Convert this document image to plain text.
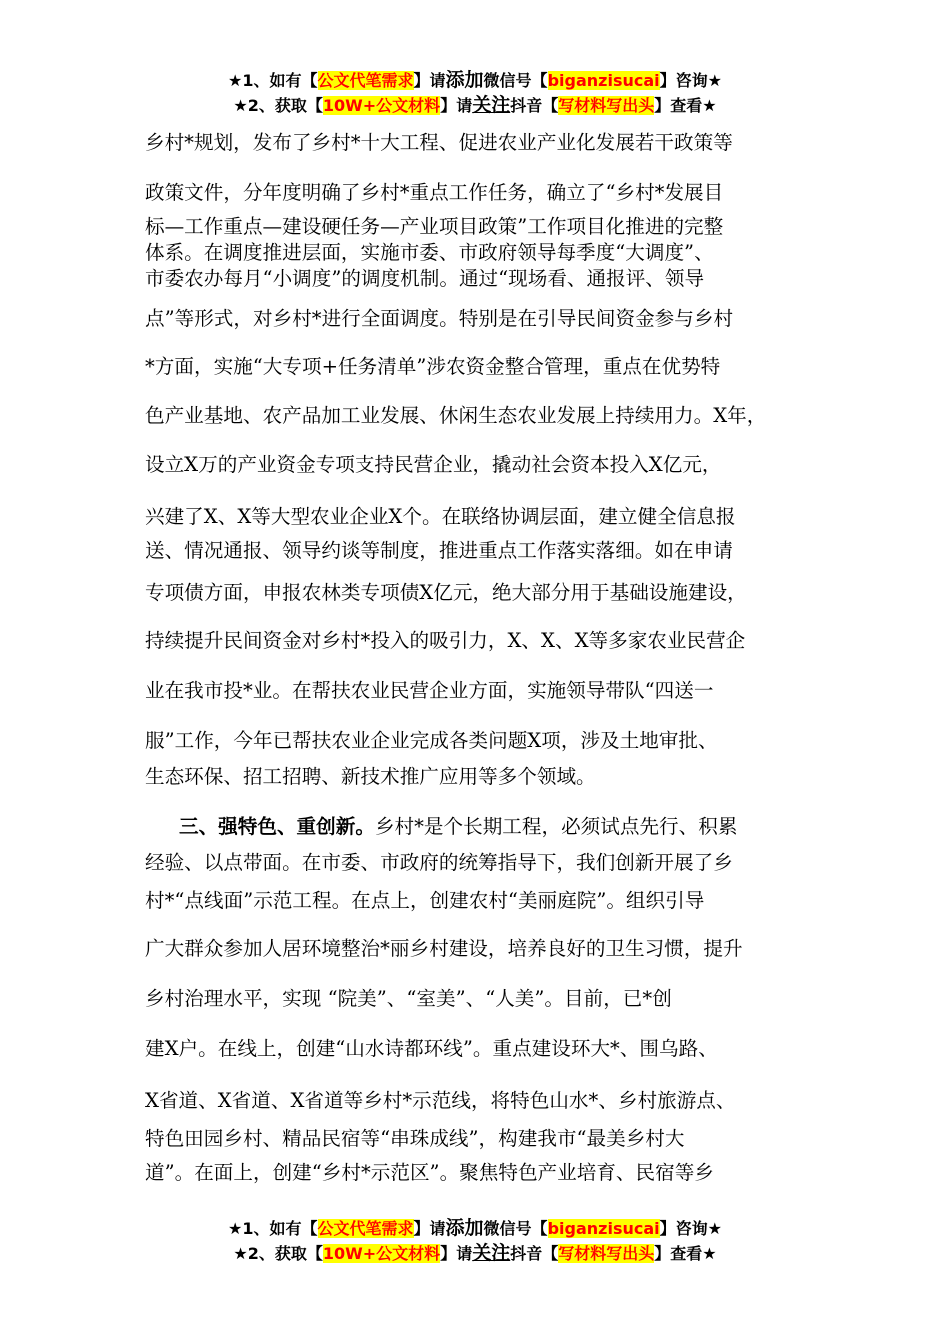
★1、如有【公文代笔需求】请添加微信号【biganzisucai】咨询★
★2、获取【10W+公文材料】请关注抖音【写材料写出头】查看★
乡村*规划，发布了乡村*十大工程、促进农业产业化发展若干政策等
政策文件，分年度明确了乡村*重点工作任务，确立了“乡村*发展目
标—工作重点—建设硬任务—产业项目政策”工作项目化推进的完整
体系。在调度推进层面，实施市委、市政府领导每季度“大调度”、
市委农办每月“小调度”的调度机制。通过“现场看、通报评、领导
点”等形式，对乡村*进行全面调度。特别是在引导民间资金参与乡村
*方面，实施“大专项+任务清单”涉农资金整合管理，重点在优势特
色产业基地、农产品加工业发展、休闲生态农业发展上持续用力。X年，
设立X万的产业资金专项支持民营企业，撬动社会资本投入X亿元，
兴建了X、X等大型农业企业X个。在联络协调层面，建立健全信息报
送、情况通报、领导约谈等制度，推进重点工作落实落细。如在申请
专项债方面，申报农林类专项债X亿元，绝大部分用于基础设施建设，
持续提升民间资金对乡村*投入的吸引力，X、X、X等多家农业民营企
业在我市投*业。在帮扶农业民营企业方面，实施领导带队“四送一
服”工作，今年已帮扶农业企业完成各类问题X项，涉及土地审批、
生态环保、招工招聘、新技术推广应用等多个领域。
三、强特色、重创新。乡村*是个长期工程，必须试点先行、积累
经验、以点带面。在市委、市政府的统筹指导下，我们创新开展了乡
村*“点线面”示范工程。在点上，创建农村“美丽庭院”。组织引导
广大群众参加人居环境整治*丽乡村建设，培养良好的卫生习惯，提升
乡村治理水平，实现 “院美”、“室美”、“人美”。目前，已*创
建X户。在线上，创建“山水诗都环线”。重点建设环大*、围乌路、
X省道、X省道、X省道等乡村*示范线，将特色山水*、乡村旅游点、
特色田园乡村、精品民宿等“串珠成线”，构建我市“最美乡村大
道”。在面上，创建“乡村*示范区”。聚焦特色产业培育、民宿等乡
★1、如有【公文代笔需求】请添加微信号【biganzisucai】咨询★
★2、获取【10W+公文材料】请关注抖音【写材料写出头】查看★
